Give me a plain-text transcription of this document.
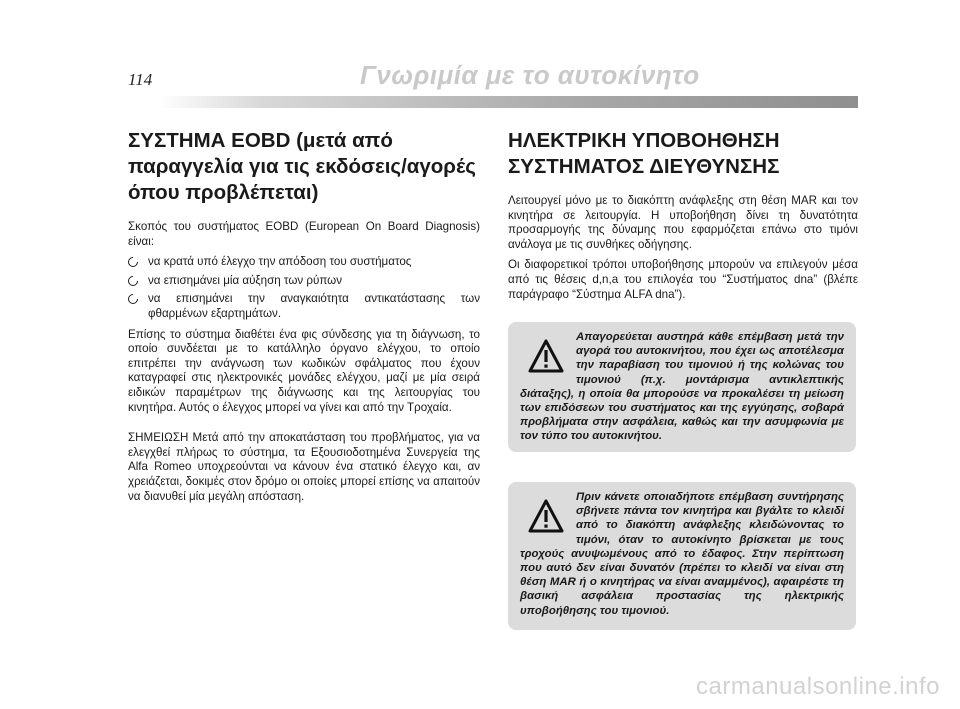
114	Γνωριμία με το αυτοκίνητο
ΣΥΣΤΗΜΑ EOBD (μετά από παραγγελία για τις εκδόσεις/αγορές όπου προβλέπεται)

Σκοπός του συστήματος EOBD (European On Board Diagnosis) είναι:

να κρατά υπό έλεγχο την απόδοση του συστήματος
να επισημάνει μία αύξηση των ρύπων
να επισημάνει την αναγκαιότητα αντικατάστασης των φθαρμένων εξαρτημάτων.

Επίσης το σύστημα διαθέτει ένα φις σύνδεσης για τη διάγνωση, το οποίο συνδέεται με το κατάλληλο όργανο ελέγχου, το οποίο επιτρέπει την ανάγνωση των κωδικών σφάλματος που έχουν καταγραφεί στις ηλεκτρονικές μονάδες ελέγχου, μαζί με μία σειρά ειδικών παραμέτρων της διάγνωσης και της λειτουργίας του κινητήρα. Αυτός ο έλεγχος μπορεί να γίνει και από την Τροχαία.

ΣΗΜΕΙΩΣΗ Μετά από την αποκατάσταση του προβλήματος, για να ελεγχθεί πλήρως το σύστημα, τα Εξουσιοδοτημένα Συνεργεία της Alfa Romeo υποχρεούνται να κάνουν ένα στατικό έλεγχο και, αν χρειάζεται, δοκιμές στον δρόμο οι οποίες μπορεί επίσης να απαιτούν να διανυθεί μία μεγάλη απόσταση.

ΗΛΕΚΤΡΙΚΗ ΥΠΟΒΟΗΘΗΣΗ ΣΥΣΤΗΜΑΤΟΣ ΔΙΕΥΘΥΝΣΗΣ

Λειτουργεί μόνο με το διακόπτη ανάφλεξης στη θέση MAR και τον κινητήρα σε λειτουργία. Η υποβοήθηση δίνει τη δυνατότητα προσαρμογής της δύναμης που εφαρμόζεται επάνω στο τιμόνι ανάλογα με τις συνθήκες οδήγησης.

Οι διαφορετικοί τρόποι υποβοήθησης μπορούν να επιλεγούν μέσα από τις θέσεις d,n,a του επιλογέα του “Συστήματος dna” (βλέπε παράγραφο “Σύστημα ALFA dna”).

Απαγορεύεται αυστηρά κάθε επέμβαση μετά την αγορά του αυτοκινήτου, που έχει ως αποτέλεσμα την παραβίαση του τιμονιού ή της κολώνας του τιμονιού (π.χ. μοντάρισμα αντικλεπτικής διάταξης), η οποία θα μπορούσε να προκαλέσει τη μείωση των επιδόσεων του συστήματος και της εγγύησης, σοβαρά προβλήματα στην ασφάλεια, καθώς και την ασυμφωνία με τον τύπο του αυτοκινήτου.
Πριν κάνετε οποιαδήποτε επέμβαση συντήρησης σβήνετε πάντα τον κινητήρα και βγάλτε το κλειδί από το διακόπτη ανάφλεξης κλειδώνοντας το τιμόνι, όταν το αυτοκίνητο βρίσκεται με τους τροχούς ανυψωμένους από το έδαφος. Στην περίπτωση που αυτό δεν είναι δυνατόν (πρέπει το κλειδί να είναι στη θέση MAR ή ο κινητήρας να είναι αναμμένος), αφαιρέστε τη βασική ασφάλεια προστασίας της ηλεκτρικής υποβοήθησης του τιμονιού.
carmanualsonline.info
